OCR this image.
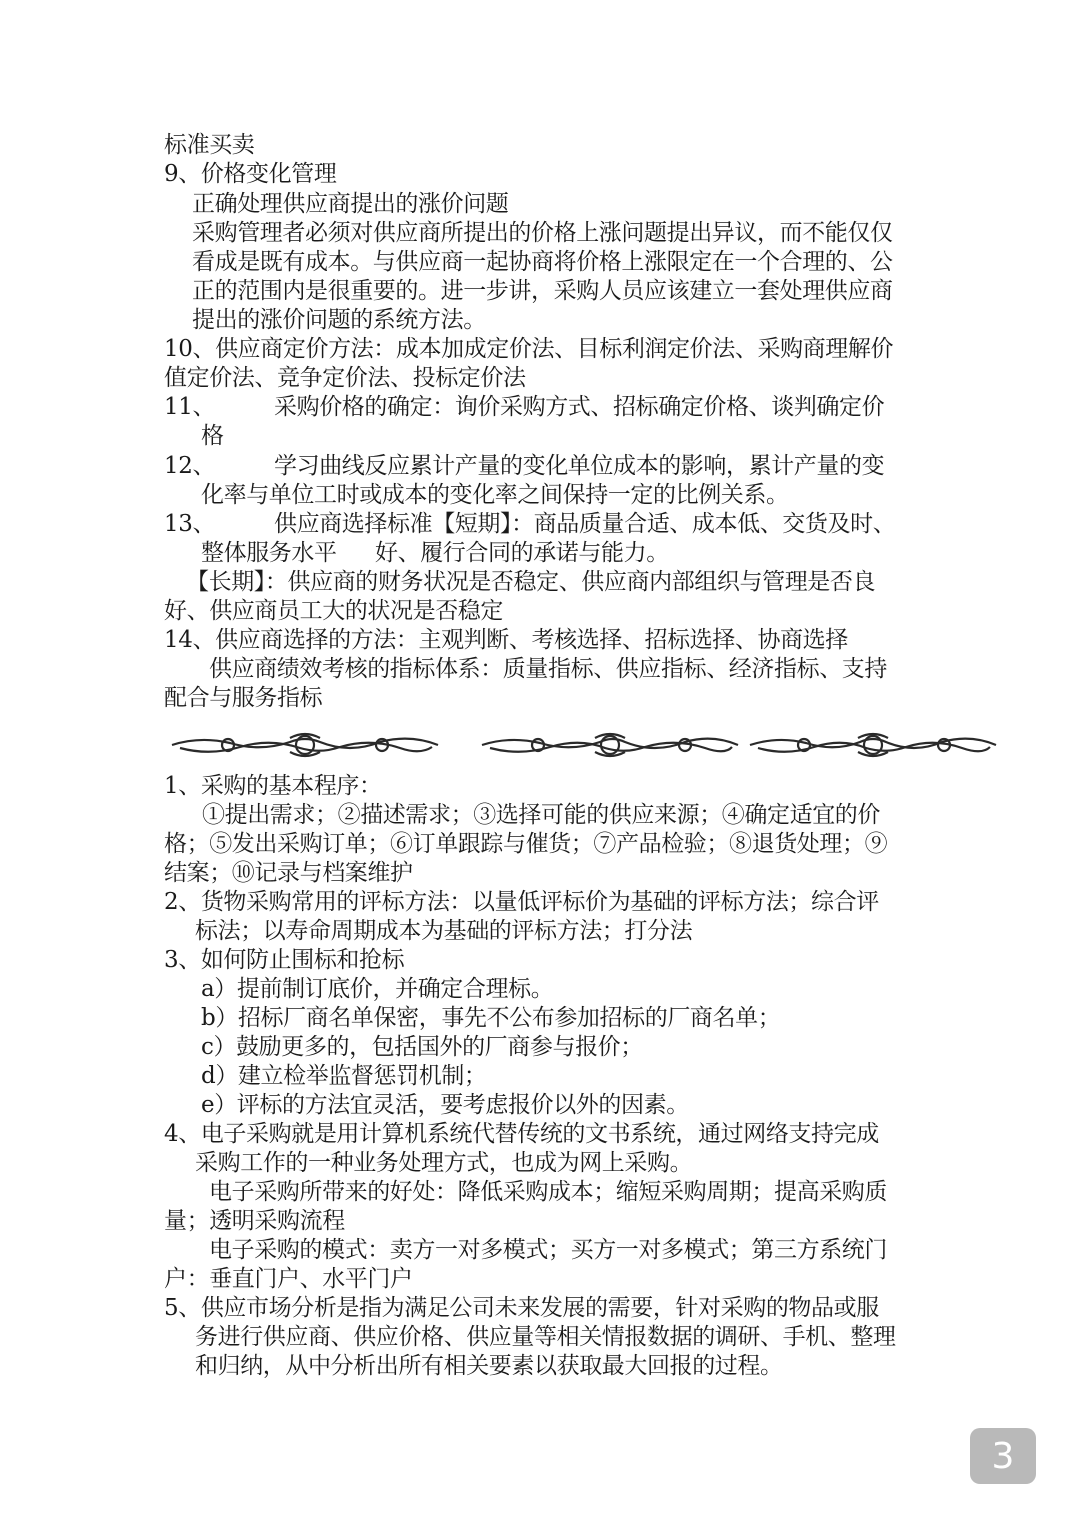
标准买卖
9、价格变化管理
正确处理供应商提出的涨价问题
采购管理者必须对供应商所提出的价格上涨问题提出异议，而不能仅仅
看成是既有成本。与供应商一起协商将价格上涨限定在一个合理的、公
正的范围内是很重要的。进一步讲，采购人员应该建立一套处理供应商
提出的涨价问题的系统方法。
10、供应商定价方法：成本加成定价法、目标利润定价法、采购商理解价
值定价法、竞争定价法、投标定价法
11、	采购价格的确定：询价采购方式、招标确定价格、谈判确定价
格
12、	学习曲线反应累计产量的变化单位成本的影响，累计产量的变
化率与单位工时或成本的变化率之间保持一定的比例关系。
13、	供应商选择标准【短期】：商品质量合适、成本低、交货及时、
整体服务水平 好、履行合同的承诺与能力。
【长期】：供应商的财务状况是否稳定、供应商内部组织与管理是否良
好、供应商员工大的状况是否稳定
14、供应商选择的方法：主观判断、考核选择、招标选择、协商选择
供应商绩效考核的指标体系：质量指标、供应指标、经济指标、支持
配合与服务指标
1、采购的基本程序：
①提出需求；②描述需求；③选择可能的供应来源；④确定适宜的价
格；⑤发出采购订单；⑥订单跟踪与催货；⑦产品检验；⑧退货处理；⑨
结案；⑩记录与档案维护
2、货物采购常用的评标方法：以量低评标价为基础的评标方法；综合评
标法；以寿命周期成本为基础的评标方法；打分法
3、如何防止围标和抢标
a）提前制订底价，并确定合理标。
b）招标厂商名单保密，事先不公布参加招标的厂商名单；
c）鼓励更多的，包括国外的厂商参与报价；
d）建立检举监督惩罚机制；
e）评标的方法宜灵活，要考虑报价以外的因素。
4、电子采购就是用计算机系统代替传统的文书系统，通过网络支持完成
采购工作的一种业务处理方式，也成为网上采购。
电子采购所带来的好处：降低采购成本；缩短采购周期；提高采购质
量；透明采购流程
电子采购的模式：卖方一对多模式；买方一对多模式；第三方系统门
户：垂直门户、水平门户
5、供应市场分析是指为满足公司未来发展的需要，针对采购的物品或服
务进行供应商、供应价格、供应量等相关情报数据的调研、手机、整理
和归纳，从中分析出所有相关要素以获取最大回报的过程。
3
